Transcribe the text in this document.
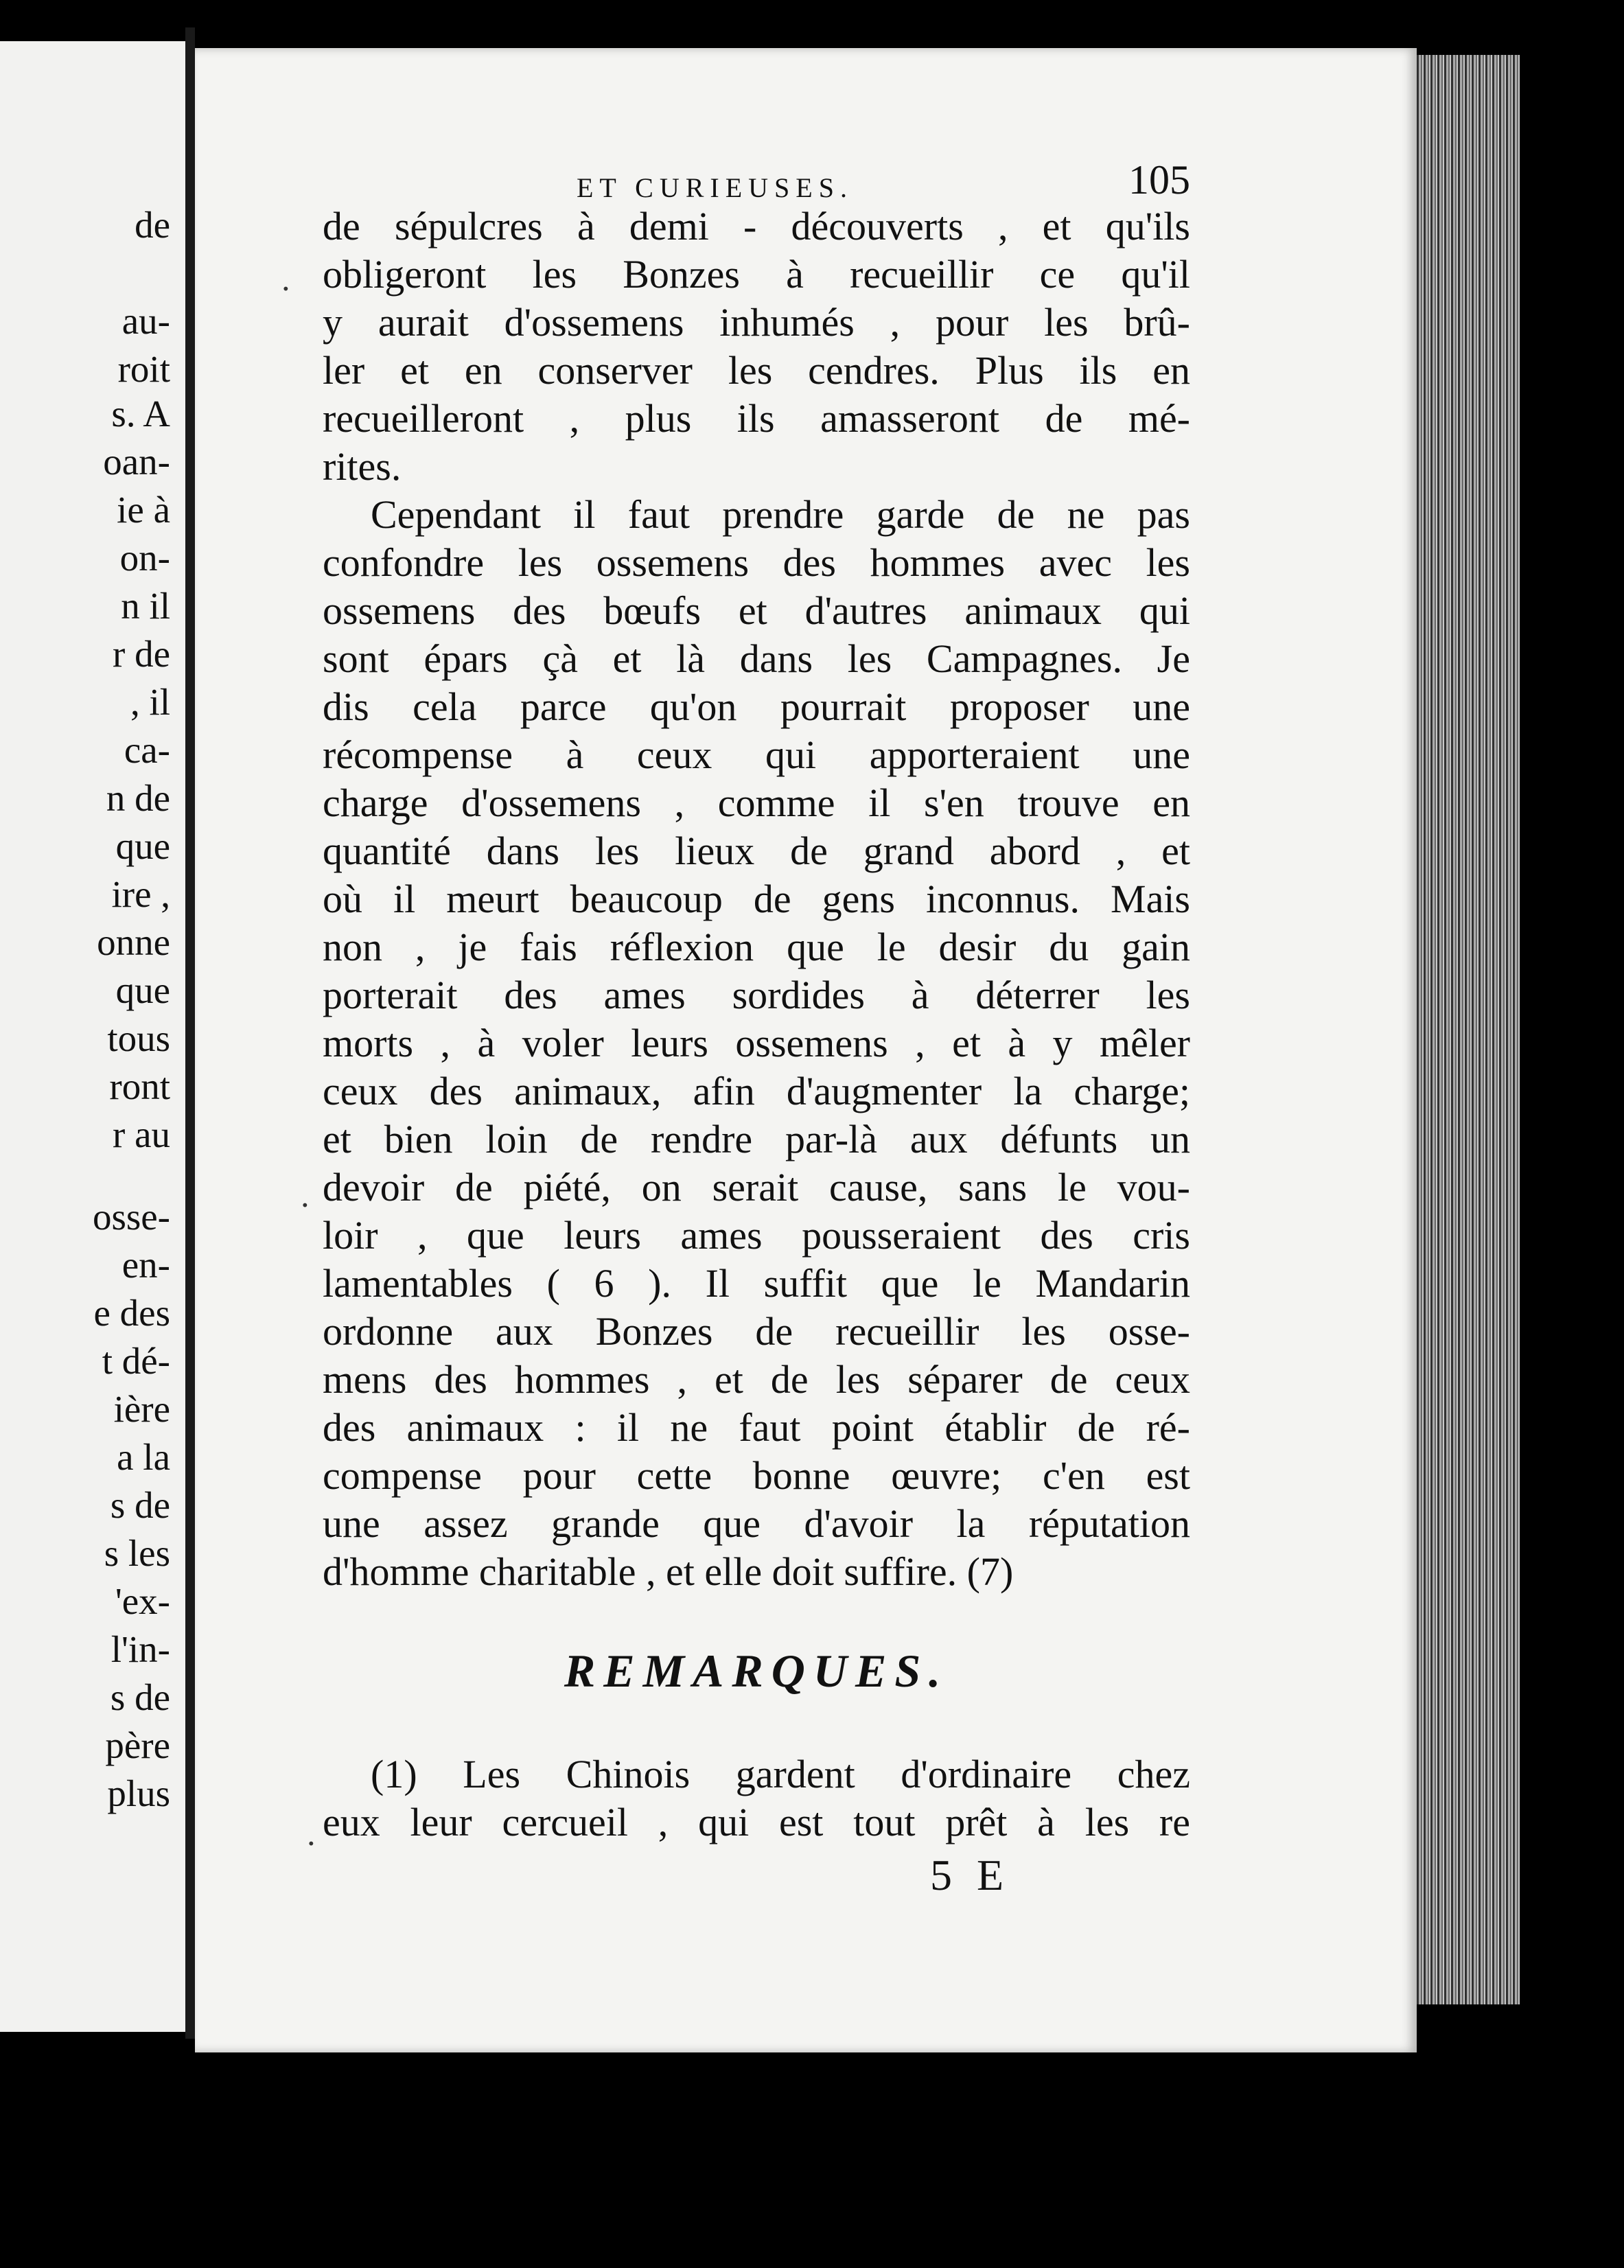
de

au-

roit

s. A

oan-

ie à

on-

n il

r de

, il

ca-

n de

que

ire ,

onne

que

tous

ront

r au

osse-

en-

e des

t dé-

ière

a la

s de

s les

'ex-

l'in-

s de

père

plus

ET CURIEUSES.	105

de sépulcres à demi - découverts , et qu'ils

obligeront les Bonzes à recueillir ce qu'il

y aurait d'ossemens inhumés , pour les brû-

ler et en conserver les cendres. Plus ils en

recueilleront , plus ils amasseront de mé-

rites.

Cependant il faut prendre garde de ne pas

confondre les ossemens des hommes avec les

ossemens des bœufs et d'autres animaux qui

sont épars çà et là dans les Campagnes. Je

dis cela parce qu'on pourrait proposer une

récompense à ceux qui apporteraient une

charge d'ossemens , comme il s'en trouve en

quantité dans les lieux de grand abord , et

où il meurt beaucoup de gens inconnus. Mais

non , je fais réflexion que le desir du gain

porterait des ames sordides à déterrer les

morts , à voler leurs ossemens , et à y mêler

ceux des animaux, afin d'augmenter la charge;

et bien loin de rendre par-là aux défunts un

devoir de piété, on serait cause, sans le vou-

loir , que leurs ames pousseraient des cris

lamentables ( 6 ). Il suffit que le Mandarin

ordonne aux Bonzes de recueillir les osse-

mens des hommes , et de les séparer de ceux

des animaux : il ne faut point établir de ré-

compense pour cette bonne œuvre; c'en est

une assez grande que d'avoir la réputation

d'homme charitable , et elle doit suffire. (7)

REMARQUES.

(1) Les Chinois gardent d'ordinaire chez

eux leur cercueil , qui est tout prêt à les re

5 E

·

·

·
